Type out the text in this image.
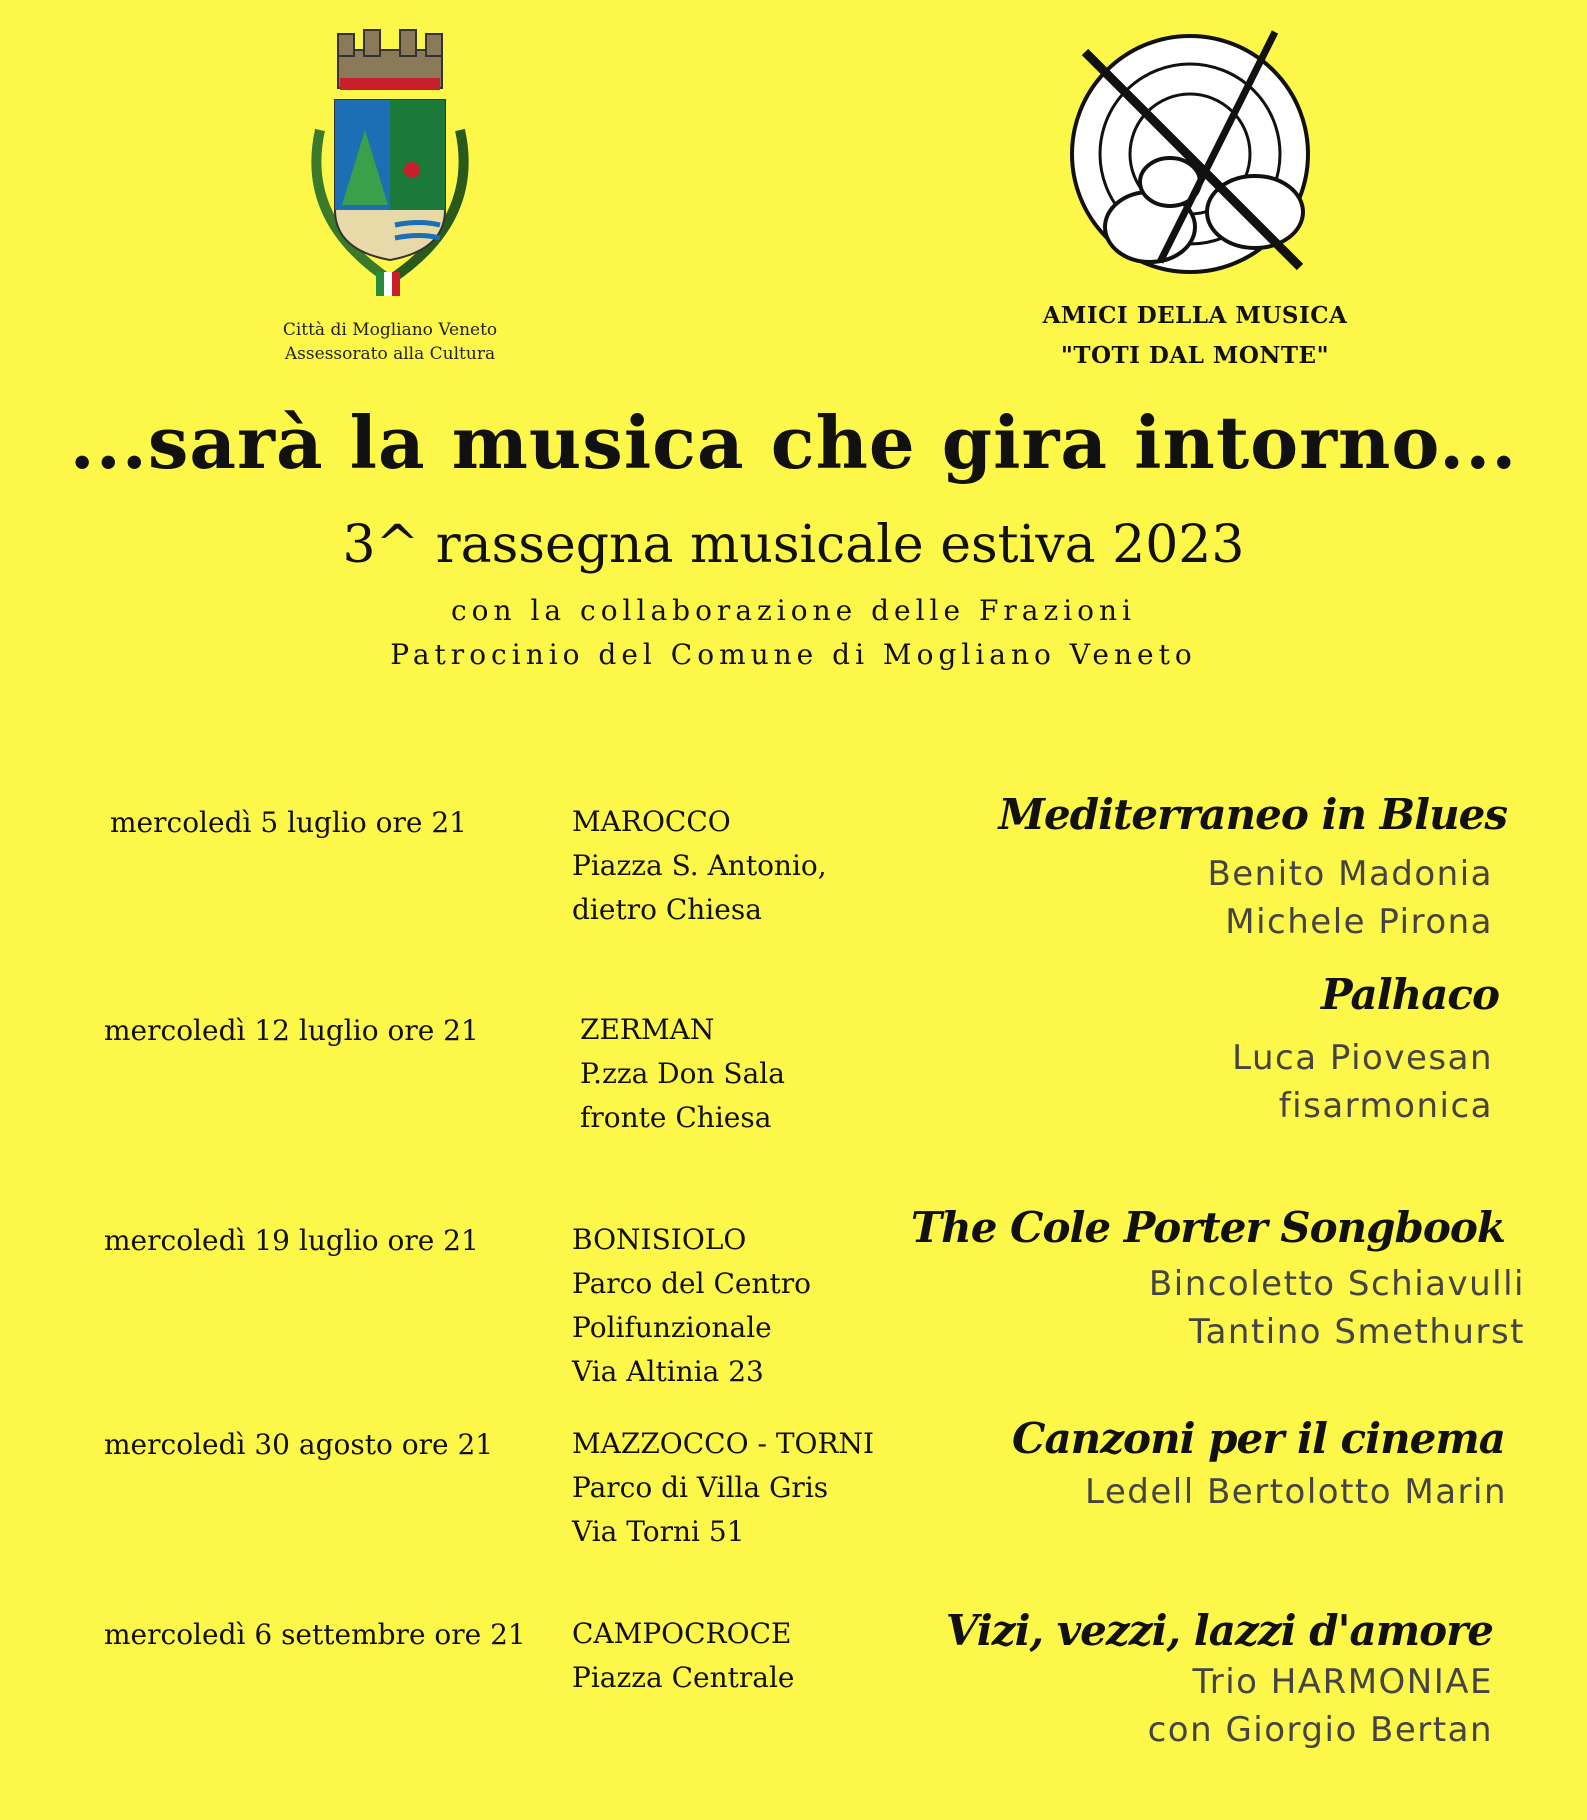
Città di Mogliano Veneto
Assessorato alla Cultura
AMICI DELLA MUSICA
"TOTI DAL MONTE"
...sarà la musica che gira intorno...
3^ rassegna musicale estiva 2023
con la collaborazione delle Frazioni
Patrocinio del Comune di Mogliano Veneto
mercoledì 5 luglio ore 21	MAROCCO
Piazza S. Antonio,
dietro Chiesa
Mediterraneo in Blues
Benito Madonia
Michele Pirona
mercoledì 12 luglio ore 21	ZERMAN
P.zza Don Sala
fronte Chiesa
Palhaco
Luca Piovesan
fisarmonica
mercoledì 19 luglio ore 21	BONISIOLO
Parco del Centro
Polifunzionale
Via Altinia 23
The Cole Porter Songbook
Bincoletto Schiavulli
Tantino Smethurst
mercoledì 30 agosto ore 21	MAZZOCCO - TORNI
Parco di Villa Gris
Via Torni 51
Canzoni per il cinema
Ledell Bertolotto Marin
mercoledì 6 settembre ore 21 CAMPOCROCE
Piazza Centrale
Vizi, vezzi, lazzi d'amore
Trio HARMONIAE
con Giorgio Bertan
